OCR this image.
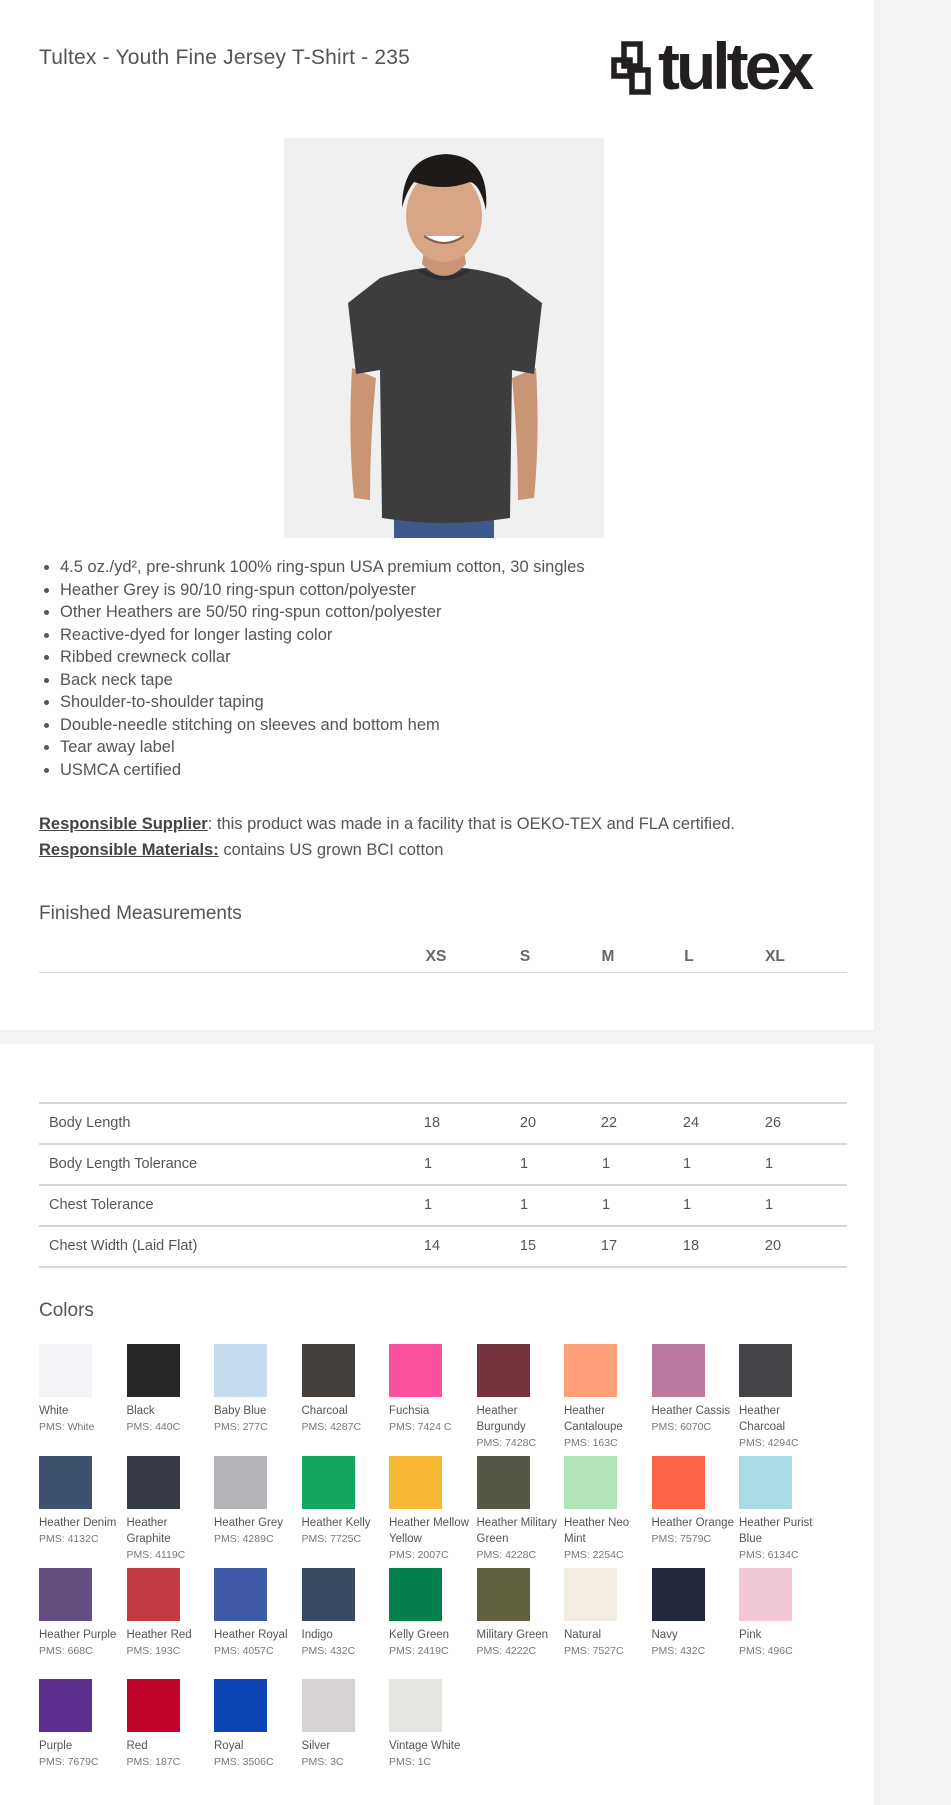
Tultex - Youth Fine Jersey T-Shirt - 235	tultex
• 4.5 oz./yd², pre-shrunk 100% ring-spun USA premium cotton, 30 singles
• Heather Grey is 90/10 ring-spun cotton/polyester
• Other Heathers are 50/50 ring-spun cotton/polyester
• Reactive-dyed for longer lasting color
• Ribbed crewneck collar
• Back neck tape
• Shoulder-to-shoulder taping
• Double-needle stitching on sleeves and bottom hem
• Tear away label
• USMCA certified
Responsible Supplier: this product was made in a facility that is OEKO-TEX and FLA certified.
Responsible Materials: contains US grown BCI cotton
Finished Measurements
XS	S	M	L	XL
Body Length	18	20	22	24	26
Body Length Tolerance	1	1	1	1	1
Chest Tolerance	1	1	1	1	1
Chest Width (Laid Flat)	14	15	17	18	20
Colors
White
PMS: White
Black
PMS: 440C
Baby Blue
PMS: 277C
Charcoal
PMS: 4287C
Fuchsia
PMS: 7424 C
Heather Burgundy
PMS: 7428C
Heather Cantaloupe
PMS: 163C
Heather Cassis
PMS: 6070C
Heather Charcoal
PMS: 4294C
Heather Denim
PMS: 4132C
Heather Graphite
PMS: 4119C
Heather Grey
PMS: 4289C
Heather Kelly
PMS: 7725C
Heather Mellow Yellow
PMS: 2007C
Heather Military Green
PMS: 4228C
Heather Neo Mint
PMS: 2254C
Heather Orange
PMS: 7579C
Heather Purist Blue
PMS: 6134C
Heather Purple
PMS: 668C
Heather Red
PMS: 193C
Heather Royal
PMS: 4057C
Indigo
PMS: 432C
Kelly Green
PMS: 2419C
Military Green
PMS: 4222C
Natural
PMS: 7527C
Navy
PMS: 432C
Pink
PMS: 496C
Purple
PMS: 7679C
Red
PMS: 187C
Royal
PMS: 3506C
Silver
PMS: 3C
Vintage White
PMS: 1C
